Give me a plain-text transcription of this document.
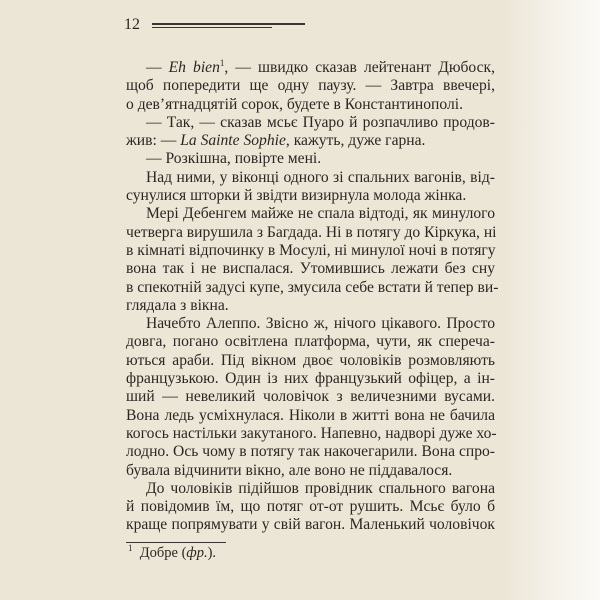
12
— Eh bien$^1$, — швидко сказав лейтенант Дюбоск,
щоб попередити ще одну паузу. — Завтра ввечері,
о дев’ятнадцятій сорок, будете в Константинополі.
— Так, — сказав мсьє Пуаро й розпачливо продов-
жив: — La Sainte Sophie, кажуть, дуже гарна.
— Розкішна, повірте мені.
Над ними, у віконці одного зі спальних вагонів, від-
сунулися шторки й звідти визирнула молода жінка.
Мері Дебенгем майже не спала відтоді, як минулого
четверга вирушила з Багдада. Ні в потягу до Кіркука, ні
в кімнаті відпочинку в Мосулі, ні минулої ночі в потягу
вона так і не виспалася. Утомившись лежати без сну
в спекотній задусі купе, змусила себе встати й тепер ви-
глядала з вікна.
Начебто Алеппо. Звісно ж, нічого цікавого. Просто
довга, погано освітлена платформа, чути, як спереча-
ються араби. Під вікном двоє чоловіків розмовляють
французькою. Один із них французький офіцер, а ін-
ший — невеликий чоловічок з величезними вусами.
Вона ледь усміхнулася. Ніколи в житті вона не бачила
когось настільки закутаного. Напевно, надворі дуже хо-
лодно. Ось чому в потягу так накочегарили. Вона спро-
бувала відчинити вікно, але воно не піддавалося.
До чоловіків підійшов провідник спального вагона
й повідомив їм, що потяг от-от рушить. Мсьє було б
краще попрямувати у свій вагон. Маленький чоловічок
$^1$ Добре (фр.).
